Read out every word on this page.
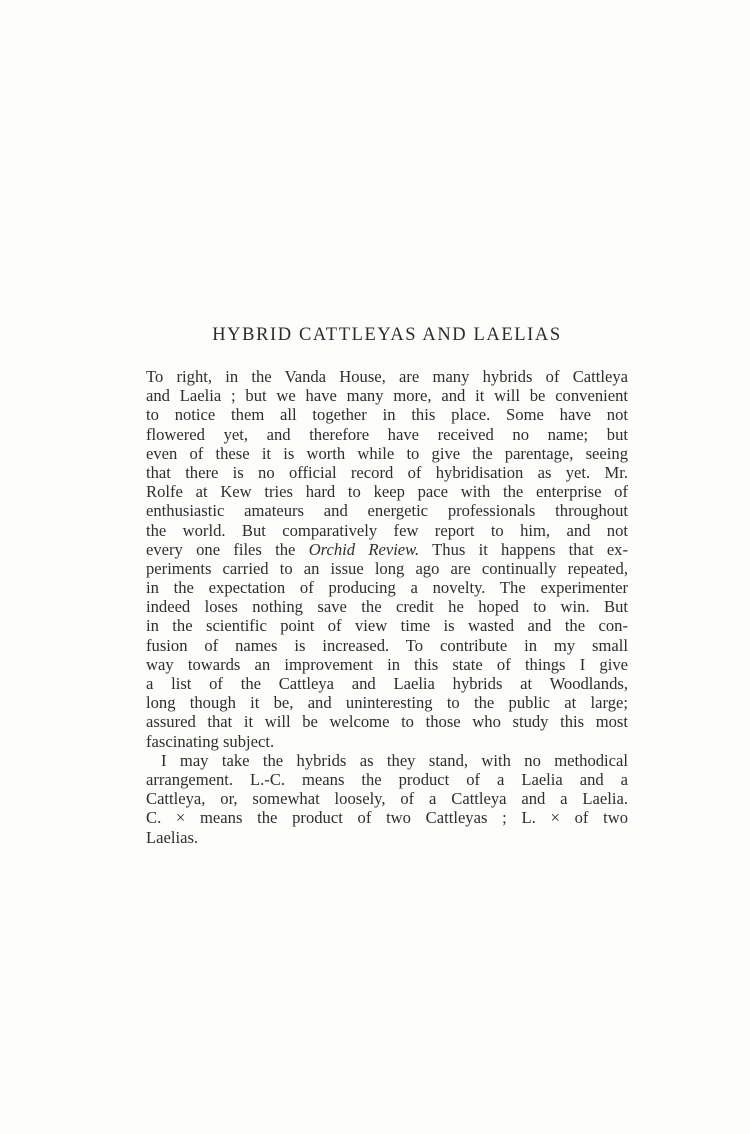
HYBRID CATTLEYAS AND LAELIAS
To right, in the Vanda House, are many hybrids of Cattleya
and Laelia ; but we have many more, and it will be convenient
to notice them all together in this place. Some have not
flowered yet, and therefore have received no name; but
even of these it is worth while to give the parentage, seeing
that there is no official record of hybridisation as yet. Mr.
Rolfe at Kew tries hard to keep pace with the enterprise of
enthusiastic amateurs and energetic professionals throughout
the world. But comparatively few report to him, and not
every one files the Orchid Review. Thus it happens that ex-
periments carried to an issue long ago are continually repeated,
in the expectation of producing a novelty. The experimenter
indeed loses nothing save the credit he hoped to win. But
in the scientific point of view time is wasted and the con-
fusion of names is increased. To contribute in my small
way towards an improvement in this state of things I give
a list of the Cattleya and Laelia hybrids at Woodlands,
long though it be, and uninteresting to the public at large;
assured that it will be welcome to those who study this most
fascinating subject.
I may take the hybrids as they stand, with no methodical
arrangement. L.-C. means the product of a Laelia and a
Cattleya, or, somewhat loosely, of a Cattleya and a Laelia.
C. × means the product of two Cattleyas ; L. × of two
Laelias.
